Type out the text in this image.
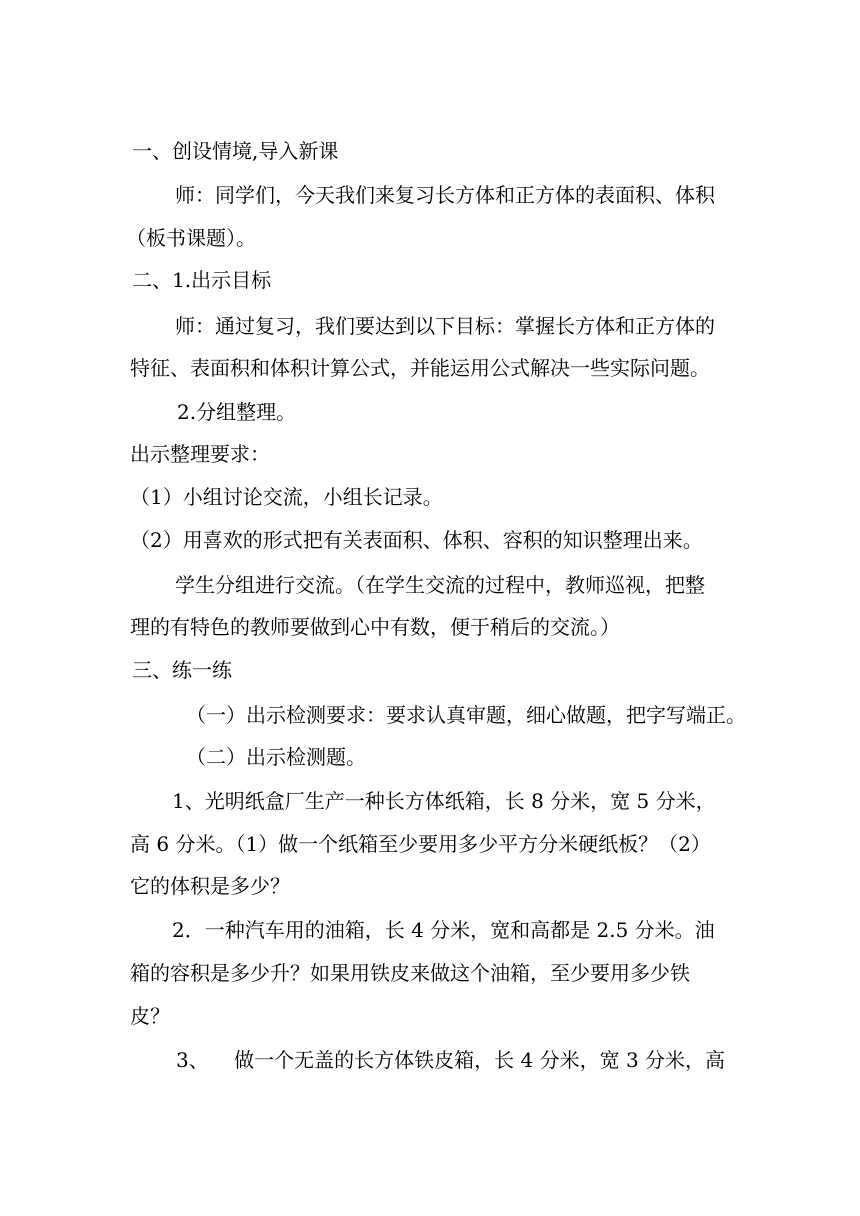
一、创设情境,导入新课
师：同学们，今天我们来复习长方体和正方体的表面积、体积
（板书课题）。
二、1.出示目标
师：通过复习，我们要达到以下目标：掌握长方体和正方体的
特征、表面积和体积计算公式，并能运用公式解决一些实际问题。
2.分组整理。
出示整理要求：
（1）小组讨论交流，小组长记录。
（2）用喜欢的形式把有关表面积、体积、容积的知识整理出来。
学生分组进行交流。（在学生交流的过程中，教师巡视，把整
理的有特色的教师要做到心中有数，便于稍后的交流。）
三、练一练
（一）出示检测要求：要求认真审题，细心做题，把字写端正。
（二）出示检测题。
1、光明纸盒厂生产一种长方体纸箱，长 8 分米，宽 5 分米，
高 6 分米。（1）做一个纸箱至少要用多少平方分米硬纸板？（2）
它的体积是多少？
2．一种汽车用的油箱，长 4 分米，宽和高都是 2.5 分米。油
箱的容积是多少升？如果用铁皮来做这个油箱，至少要用多少铁
皮？
3、    做一个无盖的长方体铁皮箱，长 4 分米，宽 3 分米，高
